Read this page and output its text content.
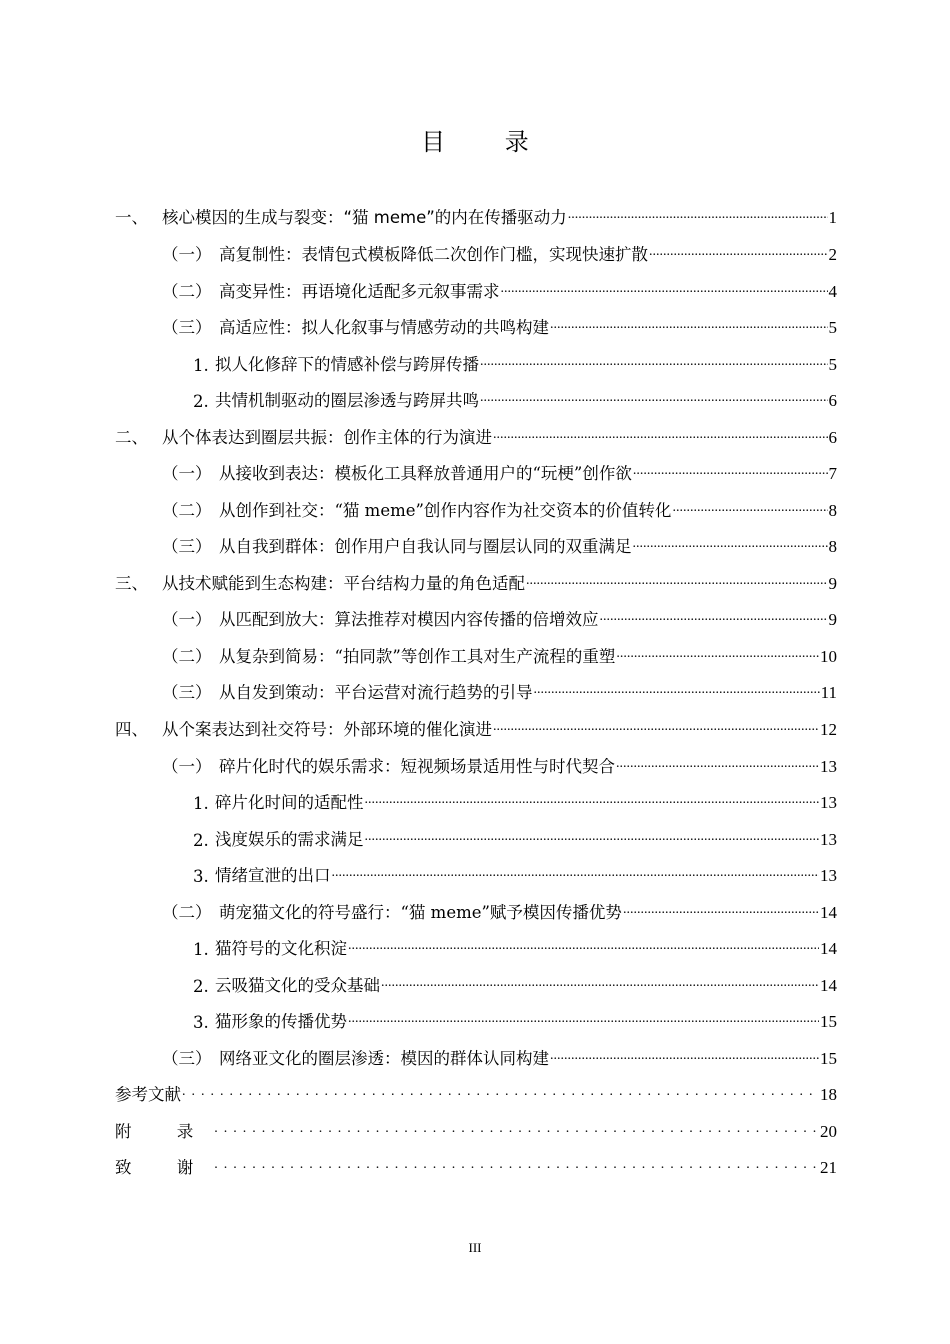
目 录
一、 核心模因的生成与裂变：“猫 meme”的内在传播驱动力 .....	1
（一） 高复制性：表情包式模板降低二次创作门槛，实现快速扩散 .....	2
（二） 高变异性：再语境化适配多元叙事需求 .....	4
（三） 高适应性：拟人化叙事与情感劳动的共鸣构建 .....	5
1. 拟人化修辞下的情感补偿与跨屏传播 .....	5
2. 共情机制驱动的圈层渗透与跨屏共鸣 .....	6
二、 从个体表达到圈层共振：创作主体的行为演进 .....	6
（一） 从接收到表达：模板化工具释放普通用户的“玩梗”创作欲 .....	7
（二） 从创作到社交：“猫 meme”创作内容作为社交资本的价值转化 .....	8
（三） 从自我到群体：创作用户自我认同与圈层认同的双重满足 .....	8
三、 从技术赋能到生态构建：平台结构力量的角色适配 .....	9
（一） 从匹配到放大：算法推荐对模因内容传播的倍增效应 .....	9
（二） 从复杂到简易：“拍同款”等创作工具对生产流程的重塑 .....	10
（三） 从自发到策动：平台运营对流行趋势的引导 .....	11
四、 从个案表达到社交符号：外部环境的催化演进 .....	12
（一） 碎片化时代的娱乐需求：短视频场景适用性与时代契合 .....	13
1. 碎片化时间的适配性 .....	13
2. 浅度娱乐的需求满足 .....	13
3. 情绪宣泄的出口 .....	13
（二） 萌宠猫文化的符号盛行：“猫 meme”赋予模因传播优势 .....	14
1. 猫符号的文化积淀 .....	14
2. 云吸猫文化的受众基础 .....	14
3. 猫形象的传播优势 .....	15
（三） 网络亚文化的圈层渗透：模因的群体认同构建 .....	15
参考文献 .....	18
附 录 .....	20
致 谢 .....	21
III
